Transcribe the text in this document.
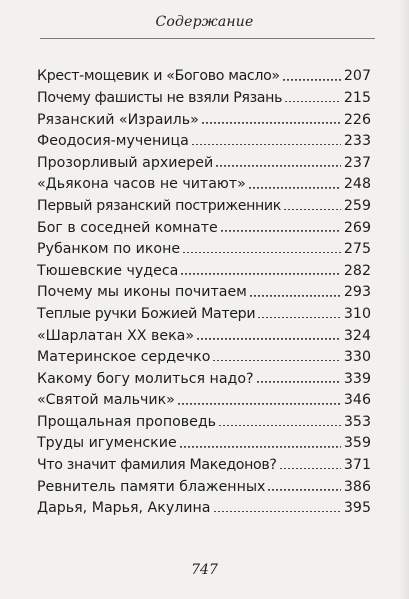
Содержание
Крест-мощевик и «Богово масло»	207
Почему фашисты не взяли Рязань	215
Рязанский «Израиль»	226
Феодосия-мученица	233
Прозорливый архиерей	237
«Дьякона часов не читают»	248
Первый рязанский постриженник	259
Бог в соседней комнате	269
Рубанком по иконе	275
Тюшевские чудеса	282
Почему мы иконы почитаем	293
Теплые ручки Божией Матери	310
«Шарлатан XX века»	324
Материнское сердечко	330
Какому богу молиться надо?	339
«Святой мальчик»	346
Прощальная проповедь	353
Труды игуменские	359
Что значит фамилия Македонов?	371
Ревнитель памяти блаженных	386
Дарья, Марья, Акулина	395
747
